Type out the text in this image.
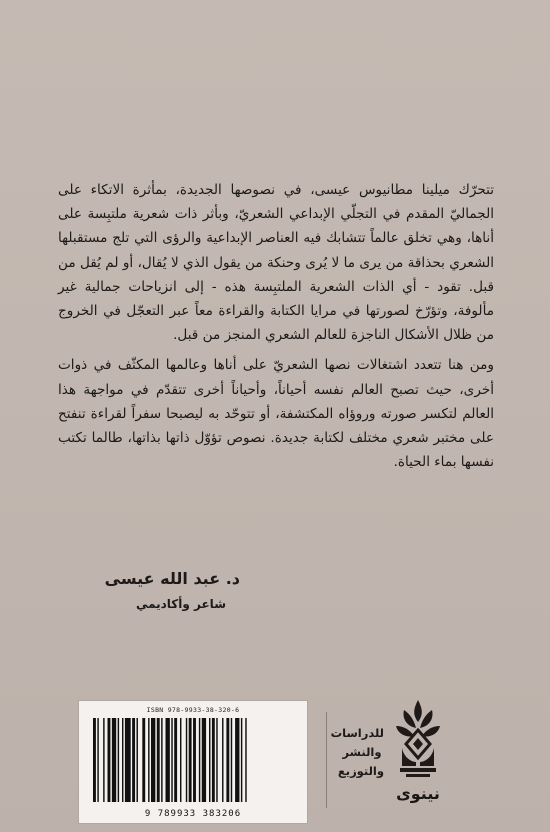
تتحرّك ميلينا مطانيوس عيسى، في نصوصها الجديدة، بمأثرة الاتكاء على الجماليّ المقدم في التجلّي الإبداعي الشعريّ، وبأثر ذات شعرية ملتبِسة على أناها، وهي تخلق عالماً تتشابك فيه العناصر الإبداعية والرؤى التي تلج مستقبلها الشعري بحذاقة من يرى ما لا يُرى وحنكة من يقول الذي لا يُقال، أو لم يُقل من قبل. تقود - أي الذات الشعرية الملتبِسة هذه - إلى انزياحات جمالية غير مألوفة، وتؤرّخ لصورتها في مرايا الكتابة والقراءة معاً عبر التعجّل في الخروج من ظلال الأشكال الناجزة للعالم الشعري المنجز من قبل.

ومن هنا تتعدد اشتغالات نصها الشعريّ على أناها وعالمها المكثّف في ذوات أخرى، حيث تصبح العالم نفسه أحياناً، وأحياناً أخرى تتقدّم في مواجهة هذا العالم لتكسر صورته وروؤاه المكتشفة، أو تتوحّد به ليصبحا سفراً لقراءة تنفتح على مختبر شعري مختلف لكتابة جديدة. نصوص تؤوّل ذاتها بذاتها، طالما تكتب نفسها بماء الحياة.

د. عبد الله عيسى
شاعر وأكاديمي
ISBN 978-9933-38-320-6
9 789933 383206
للدراسات
والنشر
والتوزيع
نينوى
